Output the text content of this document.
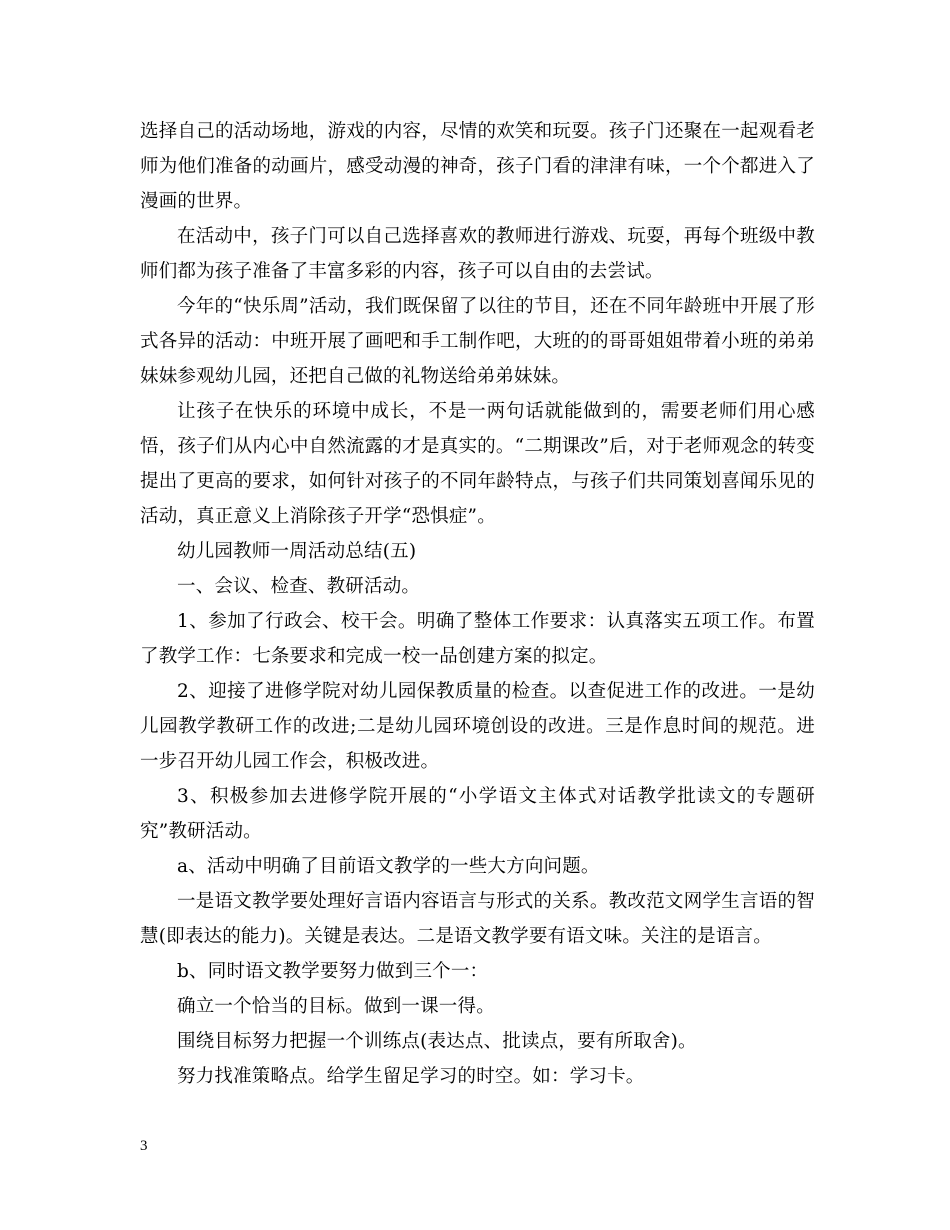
选择自己的活动场地，游戏的内容，尽情的欢笑和玩耍。孩子门还聚在一起观看老师为他们准备的动画片，感受动漫的神奇，孩子门看的津津有味，一个个都进入了漫画的世界。

在活动中，孩子门可以自己选择喜欢的教师进行游戏、玩耍，再每个班级中教师们都为孩子准备了丰富多彩的内容，孩子可以自由的去尝试。

今年的“快乐周”活动，我们既保留了以往的节目，还在不同年龄班中开展了形式各异的活动：中班开展了画吧和手工制作吧，大班的的哥哥姐姐带着小班的弟弟妹妹参观幼儿园，还把自己做的礼物送给弟弟妹妹。

让孩子在快乐的环境中成长，不是一两句话就能做到的，需要老师们用心感悟，孩子们从内心中自然流露的才是真实的。“二期课改”后，对于老师观念的转变提出了更高的要求，如何针对孩子的不同年龄特点，与孩子们共同策划喜闻乐见的活动，真正意义上消除孩子开学“恐惧症”。

幼儿园教师一周活动总结(五)

一、会议、检查、教研活动。

1、参加了行政会、校干会。明确了整体工作要求：认真落实五项工作。布置了教学工作：七条要求和完成一校一品创建方案的拟定。

2、迎接了进修学院对幼儿园保教质量的检查。以查促进工作的改进。一是幼儿园教学教研工作的改进;二是幼儿园环境创设的改进。三是作息时间的规范。进一步召开幼儿园工作会，积极改进。

3、积极参加去进修学院开展的“小学语文主体式对话教学批读文的专题研究”教研活动。

a、活动中明确了目前语文教学的一些大方向问题。

一是语文教学要处理好言语内容语言与形式的关系。教改范文网学生言语的智慧(即表达的能力)。关键是表达。二是语文教学要有语文味。关注的是语言。

b、同时语文教学要努力做到三个一：

确立一个恰当的目标。做到一课一得。

围绕目标努力把握一个训练点(表达点、批读点，要有所取舍)。

努力找准策略点。给学生留足学习的时空。如：学习卡。

3
